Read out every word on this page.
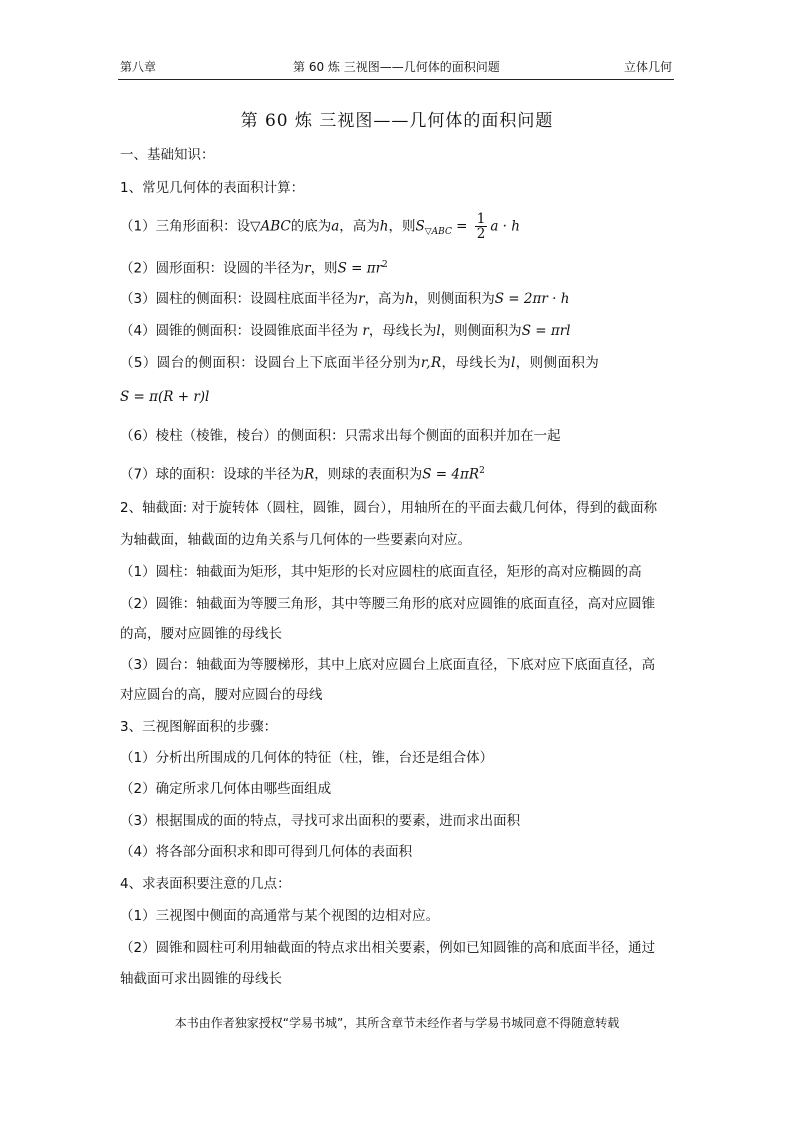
第八章	第 60 炼 三视图——几何体的面积问题	立体几何
第 60 炼 三视图——几何体的面积问题
一、基础知识：
1、常见几何体的表面积计算：
（1）三角形面积：设▽ABC的底为a，高为h，则$S_{▽ABC} = \frac{1}{2}$ a · h
（2）圆形面积：设圆的半径为r，则$S = \pi r^2$
（3）圆柱的侧面积：设圆柱底面半径为r，高为h，则侧面积为S = 2πr · h
（4）圆锥的侧面积：设圆锥底面半径为 r，母线长为l，则侧面积为S = πrl
（5）圆台的侧面积：设圆台上下底面半径分别为r,R，母线长为l，则侧面积为
S = π(R + r)l
（6）棱柱（棱锥，棱台）的侧面积：只需求出每个侧面的面积并加在一起
（7）球的面积：设球的半径为R，则球的表面积为$S = 4\pi R^2$
2、轴截面: 对于旋转体（圆柱，圆锥，圆台），用轴所在的平面去截几何体，得到的截面称
为轴截面，轴截面的边角关系与几何体的一些要素向对应。
（1）圆柱：轴截面为矩形，其中矩形的长对应圆柱的底面直径，矩形的高对应椭圆的高
（2）圆锥：轴截面为等腰三角形，其中等腰三角形的底对应圆锥的底面直径，高对应圆锥
的高，腰对应圆锥的母线长
（3）圆台：轴截面为等腰梯形，其中上底对应圆台上底面直径，下底对应下底面直径，高
对应圆台的高，腰对应圆台的母线
3、三视图解面积的步骤：
（1）分析出所围成的几何体的特征（柱，锥，台还是组合体）
（2）确定所求几何体由哪些面组成
（3）根据围成的面的特点，寻找可求出面积的要素，进而求出面积
（4）将各部分面积求和即可得到几何体的表面积
4、求表面积要注意的几点：
（1）三视图中侧面的高通常与某个视图的边相对应。
（2）圆锥和圆柱可利用轴截面的特点求出相关要素，例如已知圆锥的高和底面半径，通过
轴截面可求出圆锥的母线长
本书由作者独家授权“学易书城”，其所含章节未经作者与学易书城同意不得随意转载
